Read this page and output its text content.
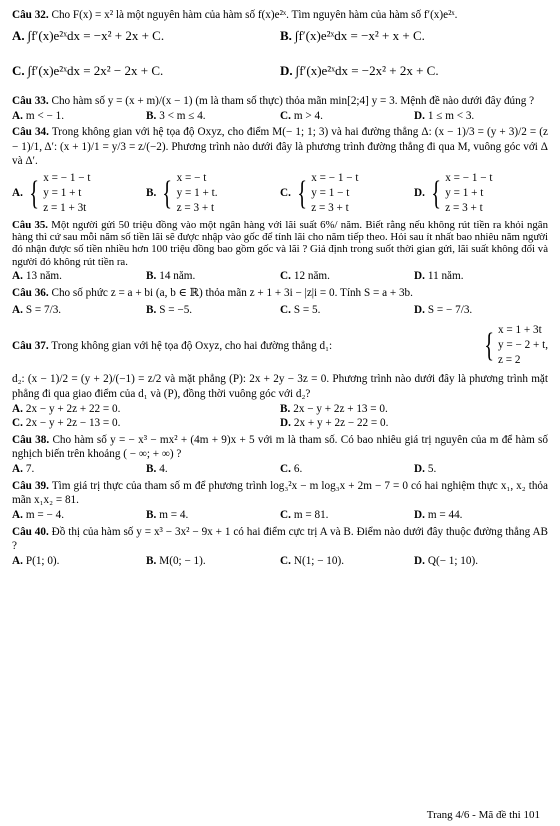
Câu 32. Cho F(x) = x² là một nguyên hàm của hàm số f(x)e²ˣ. Tìm nguyên hàm của hàm số f′(x)e²ˣ.
A. ∫f′(x)e²ˣdx = −x² + 2x + C.	B. ∫f′(x)e²ˣdx = −x² + x + C.
C. ∫f′(x)e²ˣdx = 2x² − 2x + C.	D. ∫f′(x)e²ˣdx = −2x² + 2x + C.
Câu 33. Cho hàm số y = (x + m)/(x − 1) (m là tham số thực) thỏa mãn min[2;4] y = 3. Mệnh đề nào dưới đây đúng ?
A. m < − 1.	B. 3 < m ≤ 4.	C. m > 4.	D. 1 ≤ m < 3.
Câu 34. Trong không gian với hệ tọa độ Oxyz, cho điểm M(− 1; 1; 3) và hai đường thẳng Δ: (x − 1)/3 = (y + 3)/2 = (z − 1)/1, Δ′: (x + 1)/1 = y/3 = z/(−2). Phương trình nào dưới đây là phương trình đường thẳng đi qua M, vuông góc với Δ và Δ′.
A. { x = − 1 − t
y = 1 + t
z = 1 + 3t
B. { x = − t
y = 1 + t.
z = 3 + t
C. { x = − 1 − t
y = 1 − t
z = 3 + t
D. { x = − 1 − t
y = 1 + t
z = 3 + t
Câu 35. Một người gửi 50 triệu đồng vào một ngân hàng với lãi suất 6%/ năm. Biết rằng nếu không rút tiền ra khỏi ngân hàng thì cứ sau mỗi năm số tiền lãi sẽ được nhập vào gốc để tính lãi cho năm tiếp theo. Hỏi sau ít nhất bao nhiêu năm người đó nhận được số tiền nhiều hơn 100 triệu đồng bao gồm gốc và lãi ? Giả định trong suốt thời gian gửi, lãi suất không đổi và người đó không rút tiền ra.
A. 13 năm.	B. 14 năm.	C. 12 năm.	D. 11 năm.
Câu 36. Cho số phức z = a + bi (a, b ∈ ℝ) thỏa mãn z + 1 + 3i − |z|i = 0. Tính S = a + 3b.
A. S = 7/3.	B. S = −5.	C. S = 5.	D. S = − 7/3.
Câu 37. Trong không gian với hệ tọa độ Oxyz, cho hai đường thẳng d₁:	{ x = 1 + 3t
y = − 2 + t,
z = 2
d₂: (x − 1)/2 = (y + 2)/(−1) = z/2 và mặt phẳng (P): 2x + 2y − 3z = 0. Phương trình nào dưới đây là phương trình mặt phẳng đi qua giao điểm của d₁ và (P), đồng thời vuông góc với d₂?
A. 2x − y + 2z + 22 = 0.	B. 2x − y + 2z + 13 = 0.
C. 2x − y + 2z − 13 = 0.	D. 2x + y + 2z − 22 = 0.
Câu 38. Cho hàm số y = − x³ − mx² + (4m + 9)x + 5 với m là tham số. Có bao nhiêu giá trị nguyên của m để hàm số nghịch biến trên khoảng ( − ∞; + ∞) ?
A. 7.	B. 4.	C. 6.	D. 5.
Câu 39. Tìm giá trị thực của tham số m để phương trình log₃²x − m log₃x + 2m − 7 = 0 có hai nghiệm thực x₁, x₂ thỏa mãn x₁x₂ = 81.
A. m = − 4.	B. m = 4.	C. m = 81.	D. m = 44.
Câu 40. Đồ thị của hàm số y = x³ − 3x² − 9x + 1 có hai điểm cực trị A và B. Điểm nào dưới đây thuộc đường thẳng AB ?
A. P(1; 0).	B. M(0; − 1).	C. N(1; − 10).	D. Q(− 1; 10).
Trang 4/6 - Mã đề thi 101
